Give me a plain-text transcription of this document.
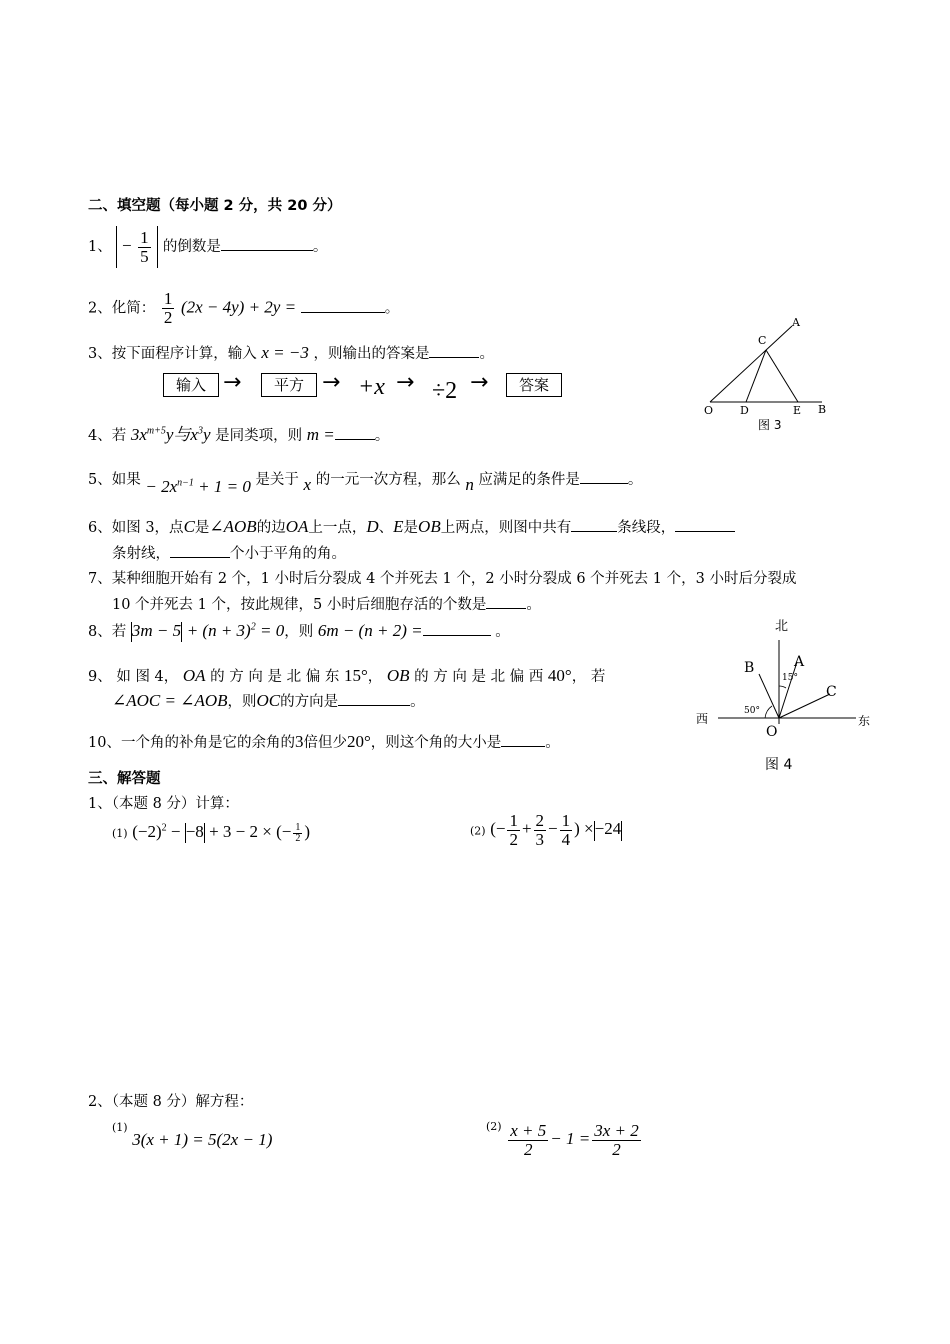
二、填空题（每小题 2 分，共 20 分）
1、 − $\frac{1}{5}$ 的倒数是	。
2、化简： $\frac{1}{2} (2x - 4y) + 2y$ =	。
3、按下面程序计算，输入 x = −3 ，则输出的答案是	。
输入 →	平方 → +x → ÷2 →	答案
A
C
O D	E B
图 3
4、若 $3x^{m+5}y$与$x^3y$ 是同类项，则 m =	。
5、如果 − $2x^{n-1} + 1 = 0$ 是关于 x 的一元一次方程，那么 n 应满足的条件是	。
6、如图 3，点C是∠AOB的边OA上一点，D、E是OB上两点，则图中共有	条线段，
条射线，	个小于平角的角。
7、某种细胞开始有 2 个，1 小时后分裂成 4 个并死去 1 个，2 小时分裂成 6 个并死去 1 个，3 小时后分裂成
10 个并死去 1 个，按此规律，5 小时后细胞存活的个数是	。
8、若 $3m - 5 + (n + 3)^2 = 0$，则 6m − (n + 2) =	。
9、 如 图 4， OA 的 方 向 是 北 偏 东 15°， OB 的 方 向 是 北 偏 西 40°， 若
∠AOC = ∠AOB，则OC的方向是	。
北
西	东
B	A
C
O
15°
50°
图 4
10、一个角的补角是它的余角的3倍但少20°，则这个角的大小是	。
三、解答题
1、（本题 8 分）计算：
(1) $(-2)^2 - -8 + 3 - 2$ × (− $\frac{1}{2}$ )	(2) (− $\frac{1}{2} + \frac{2}{3} - \frac{1}{4}$ ) ×−24
2、（本题 8 分）解方程：
$^{(1)}$ 3(x + 1) = 5(2x − 1)
$^{(2)} \frac{x + 5}{2} - 1 = \frac{3x + 2}{2}$
